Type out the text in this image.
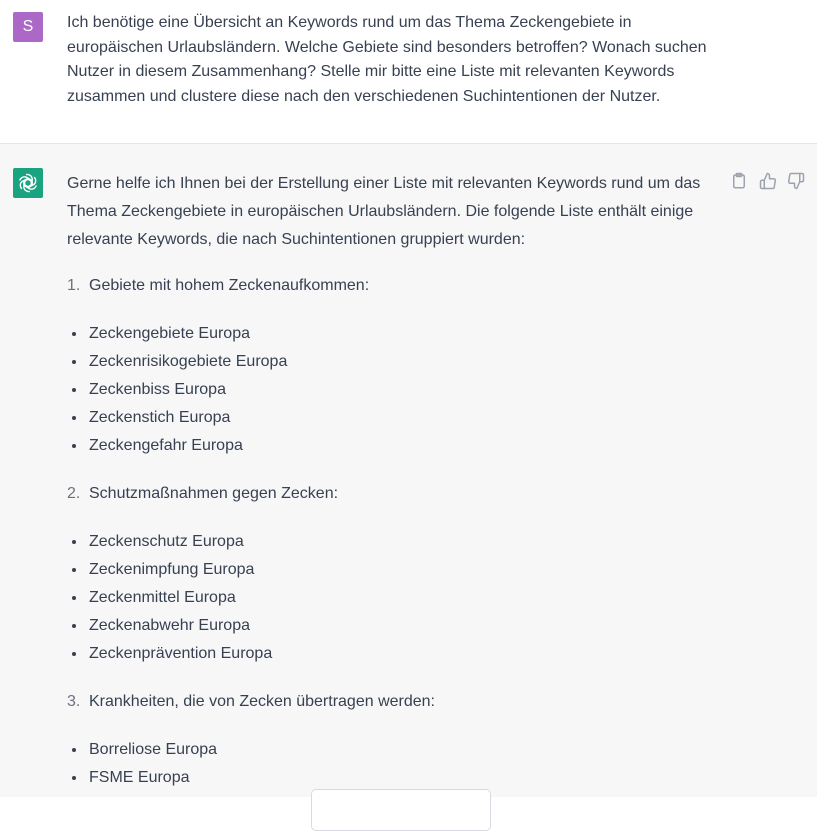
S	Ich benötige eine Übersicht an Keywords rund um das Thema Zeckengebiete in europäischen Urlaubsländern. Welche Gebiete sind besonders betroffen? Wonach suchen Nutzer in diesem Zusammenhang? Stelle mir bitte eine Liste mit relevanten Keywords zusammen und clustere diese nach den verschiedenen Suchintentionen der Nutzer.

Gerne helfe ich Ihnen bei der Erstellung einer Liste mit relevanten Keywords rund um das Thema Zeckengebiete in europäischen Urlaubsländern. Die folgende Liste enthält einige relevante Keywords, die nach Suchintentionen gruppiert wurden:

1. Gebiete mit hohem Zeckenaufkommen:
Zeckengebiete Europa
Zeckenrisikogebiete Europa
Zeckenbiss Europa
Zeckenstich Europa
Zeckengefahr Europa
2. Schutzmaßnahmen gegen Zecken:
Zeckenschutz Europa
Zeckenimpfung Europa
Zeckenmittel Europa
Zeckenabwehr Europa
Zeckenprävention Europa
3. Krankheiten, die von Zecken übertragen werden:
Borreliose Europa
FSME Europa
